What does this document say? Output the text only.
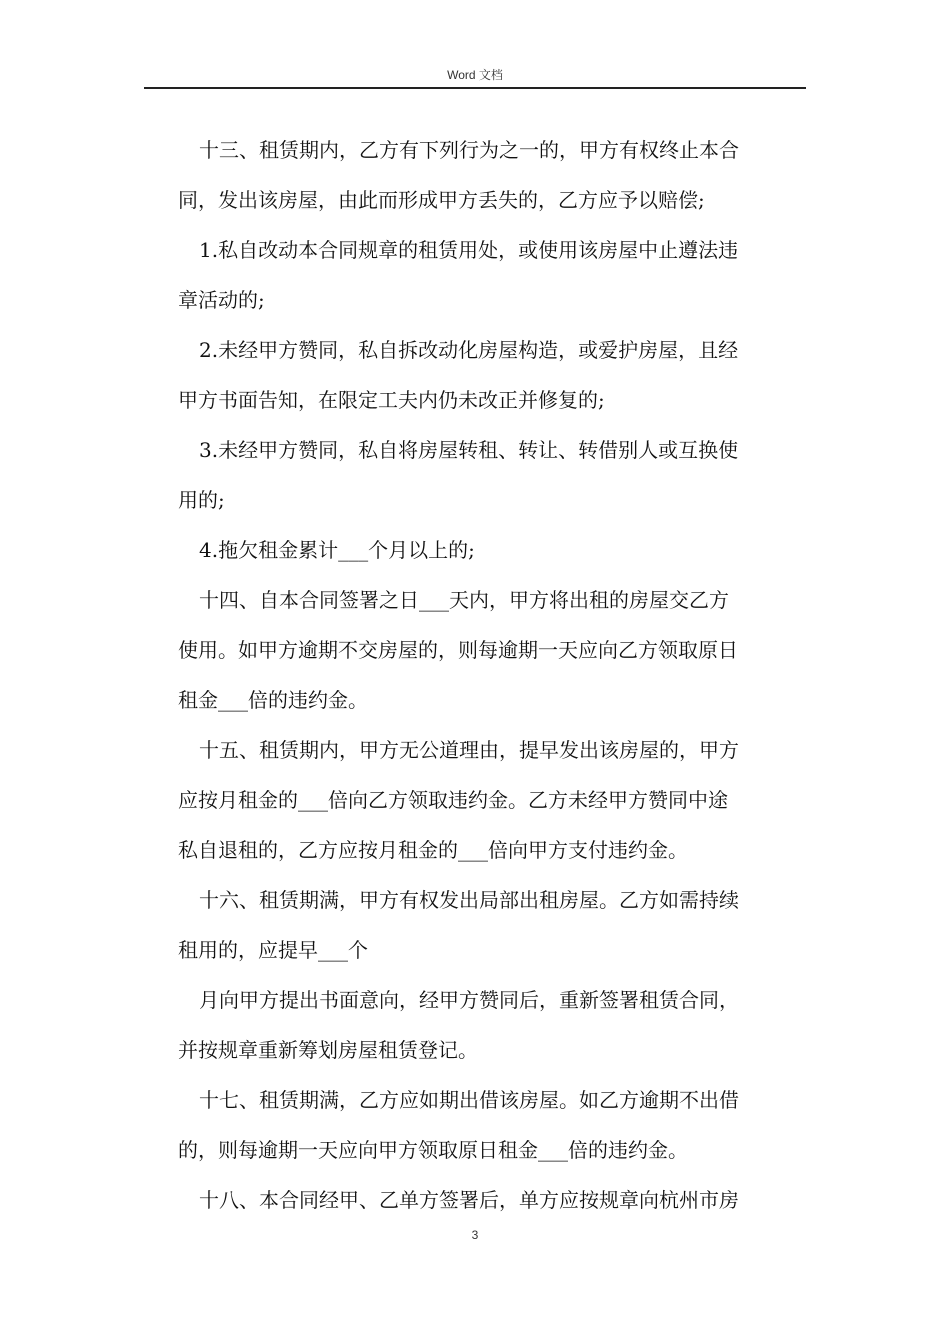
Word 文档
十三、租赁期内，乙方有下列行为之一的，甲方有权终止本合
同，发出该房屋，由此而形成甲方丢失的，乙方应予以赔偿;
1.私自改动本合同规章的租赁用处，或使用该房屋中止遵法违
章活动的;
2.未经甲方赞同，私自拆改动化房屋构造，或爱护房屋，且经
甲方书面告知，在限定工夫内仍未改正并修复的;
3.未经甲方赞同，私自将房屋转租、转让、转借别人或互换使
用的;
4.拖欠租金累计___个月以上的;
十四、自本合同签署之日___天内，甲方将出租的房屋交乙方
使用。如甲方逾期不交房屋的，则每逾期一天应向乙方领取原日
租金___倍的违约金。
十五、租赁期内，甲方无公道理由，提早发出该房屋的，甲方
应按月租金的___倍向乙方领取违约金。乙方未经甲方赞同中途
私自退租的，乙方应按月租金的___倍向甲方支付违约金。
十六、租赁期满，甲方有权发出局部出租房屋。乙方如需持续
租用的，应提早___个
月向甲方提出书面意向，经甲方赞同后，重新签署租赁合同，
并按规章重新筹划房屋租赁登记。
十七、租赁期满，乙方应如期出借该房屋。如乙方逾期不出借
的，则每逾期一天应向甲方领取原日租金___倍的违约金。
十八、本合同经甲、乙单方签署后，单方应按规章向杭州市房
3
